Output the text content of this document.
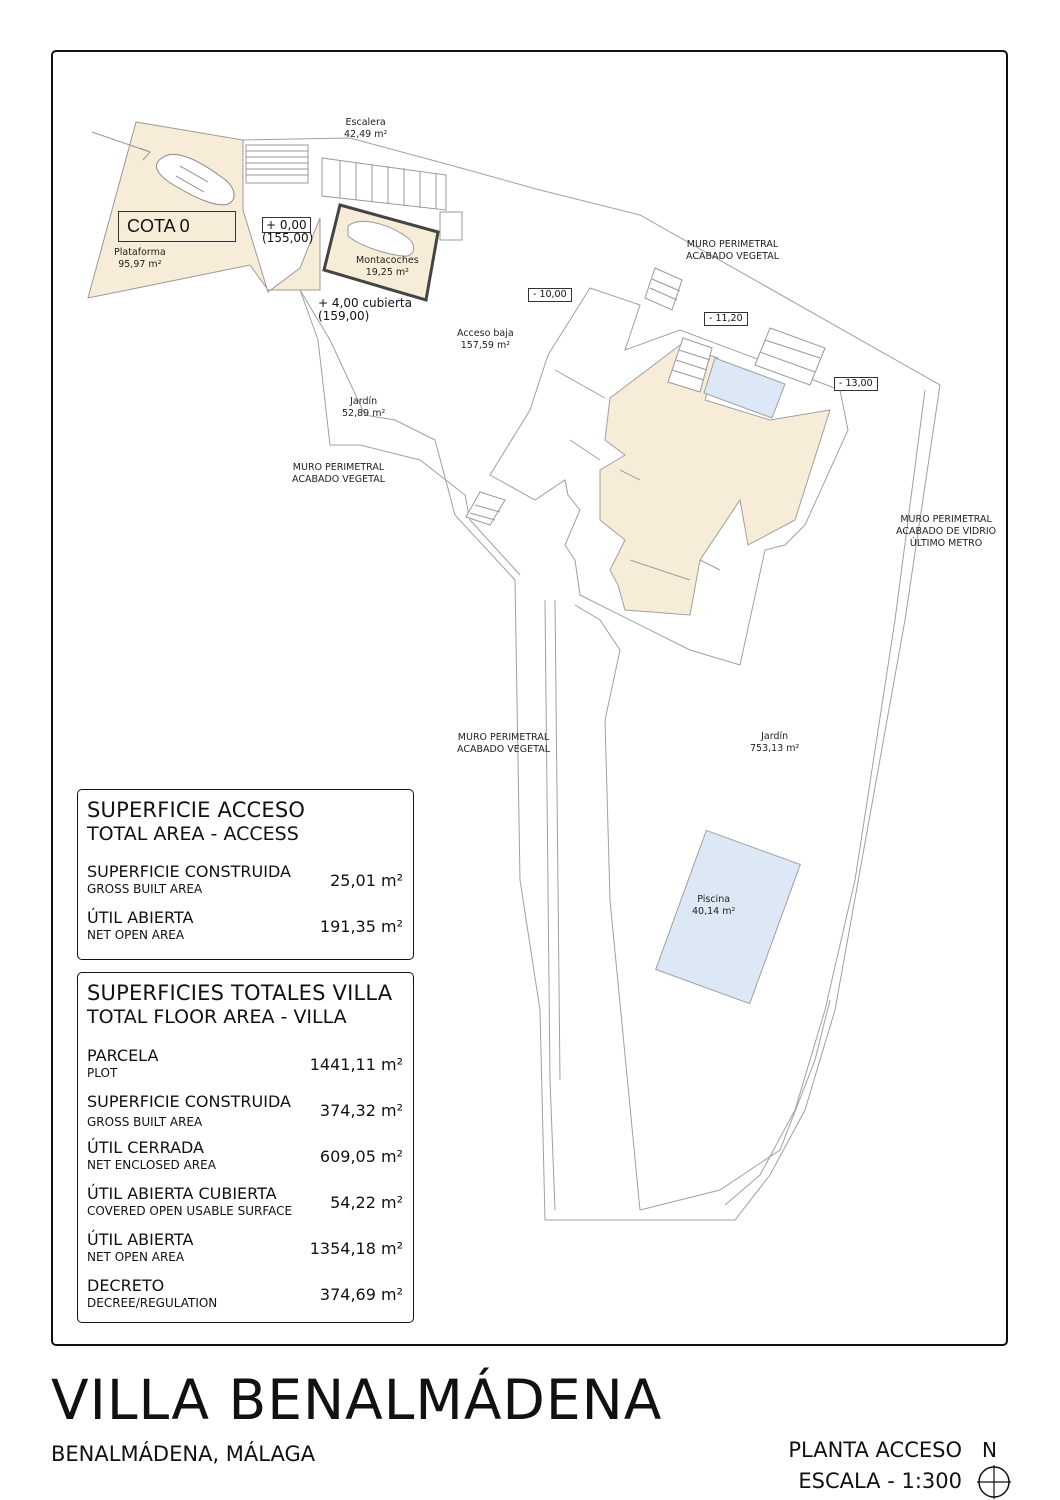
COTA 0	+ 0,00
(155,00)
+ 4,00 cubierta
(159,00)
- 10,00
- 11,20
- 13,00
Escalera
42,49 m²
Plataforma
95,97 m²	Montacoches
19,25 m²
Acceso baja
157,59 m²
Jardín
52,89 m²
Jardín
753,13 m²
Piscina
40,14 m²
MURO PERIMETRAL
ACABADO VEGETAL
MURO PERIMETRAL
ACABADO VEGETAL
MURO PERIMETRAL
ACABADO DE VIDRIO
ÚLTIMO METRO
MURO PERIMETRAL
ACABADO VEGETAL
SUPERFICIE ACCESO
TOTAL AREA - ACCESS
SUPERFICIE CONSTRUIDA
GROSS BUILT AREA	25,01 m²
ÚTIL ABIERTA
NET OPEN AREA	191,35 m²
SUPERFICIES TOTALES VILLA
TOTAL FLOOR AREA - VILLA
PARCELA
PLOT	1441,11 m²
SUPERFICIE CONSTRUIDA
GROSS BUILT AREA
374,32 m²
ÚTIL CERRADA
NET ENCLOSED AREA	609,05 m²
ÚTIL ABIERTA CUBIERTA
COVERED OPEN USABLE SURFACE 54,22 m²
ÚTIL ABIERTA
NET OPEN AREA	1354,18 m²
DECRETO
DECREE/REGULATION	374,69 m²
VILLA BENALMÁDENA
BENALMÁDENA, MÁLAGA	PLANTA ACCESO
ESCALA - 1:300
N
